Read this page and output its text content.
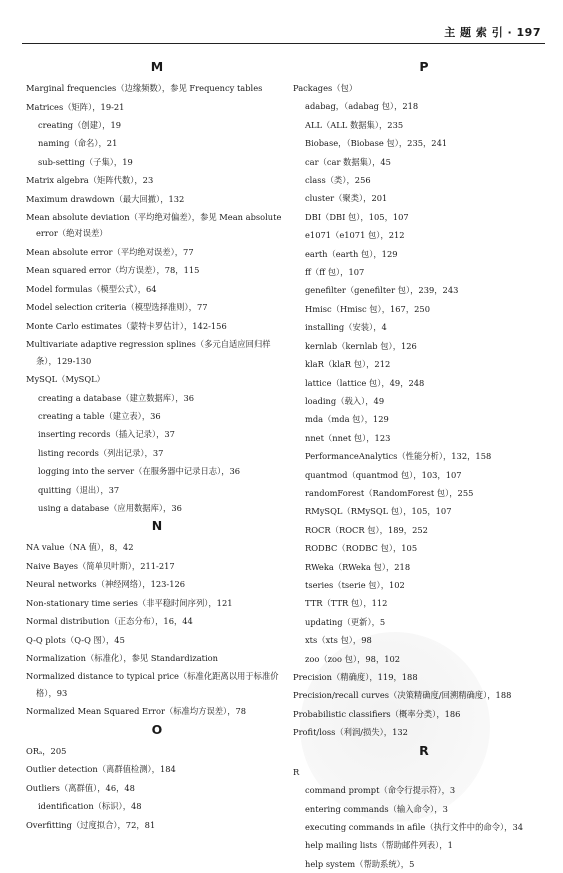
主 题 索 引 · 197
M
Marginal frequencies（边缘频数），参见 Frequency tables
Matrices（矩阵），19-21
creating（创建），19
naming（命名），21
sub-setting（子集），19
Matrix algebra（矩阵代数），23
Maximum drawdown（最大回撤），132
Mean absolute deviation（平均绝对偏差），参见 Mean absolute error（绝对误差）
Mean absolute error（平均绝对误差），77
Mean squared error（均方误差），78，115
Model formulas（模型公式），64
Model selection criteria（模型选择准则），77
Monte Carlo estimates（蒙特卡罗估计），142-156
Multivariate adaptive regression splines（多元自适应回归样条），129-130
MySQL（MySQL）
creating a database（建立数据库），36
creating a table（建立表），36
inserting records（插入记录），37
listing records（列出记录），37
logging into the server（在服务器中记录日志），36
quitting（退出），37
using a database（应用数据库），36
N
NA value（NA 值），8，42
Naive Bayes（简单贝叶斯），211-217
Neural networks（神经网络），123-126
Non-stationary time series（非平稳时间序列），121
Normal distribution（正态分布），16，44
Q-Q plots（Q-Q 图），45
Normalization（标准化），参见 Standardization
Normalized distance to typical price（标准化距离以用于标准价格），93
Normalized Mean Squared Error（标准均方误差），78
O
ORₐ，205
Outlier detection（离群值检测），184
Outliers（离群值），46，48
identification（标识），48
Overfitting（过度拟合），72，81
P
Packages（包）
adabag，（adabag 包），218
ALL（ALL 数据集），235
Biobase，（Biobase 包），235，241
car（car 数据集），45
class（类），256
cluster（聚类），201
DBI（DBI 包），105，107
e1071（e1071 包），212
earth（earth 包），129
ff（ff 包），107
genefilter（genefilter 包），239，243
Hmisc（Hmisc 包），167，250
installing（安装），4
kernlab（kernlab 包），126
klaR（klaR 包），212
lattice（lattice 包），49，248
loading（载入），49
mda（mda 包），129
nnet（nnet 包），123
PerformanceAnalytics（性能分析），132，158
quantmod（quantmod 包），103，107
randomForest（RandomForest 包），255
RMySQL（RMySQL 包），105，107
ROCR（ROCR 包），189，252
RODBC（RODBC 包），105
RWeka（RWeka 包），218
tseries（tserie 包），102
TTR（TTR 包），112
updating（更新），5
xts（xts 包），98
zoo（zoo 包），98，102
Precision（精确度），119，188
Precision/recall curves（决策精确度/回溯精确度），188
Probabilistic classifiers（概率分类），186
Profit/loss（利润/损失），132
R
R
command prompt（命令行提示符），3
entering commands（输入命令），3
executing commands in afile（执行文件中的命令），34
help mailing lists（帮助邮件列表），1
help system（帮助系统），5
